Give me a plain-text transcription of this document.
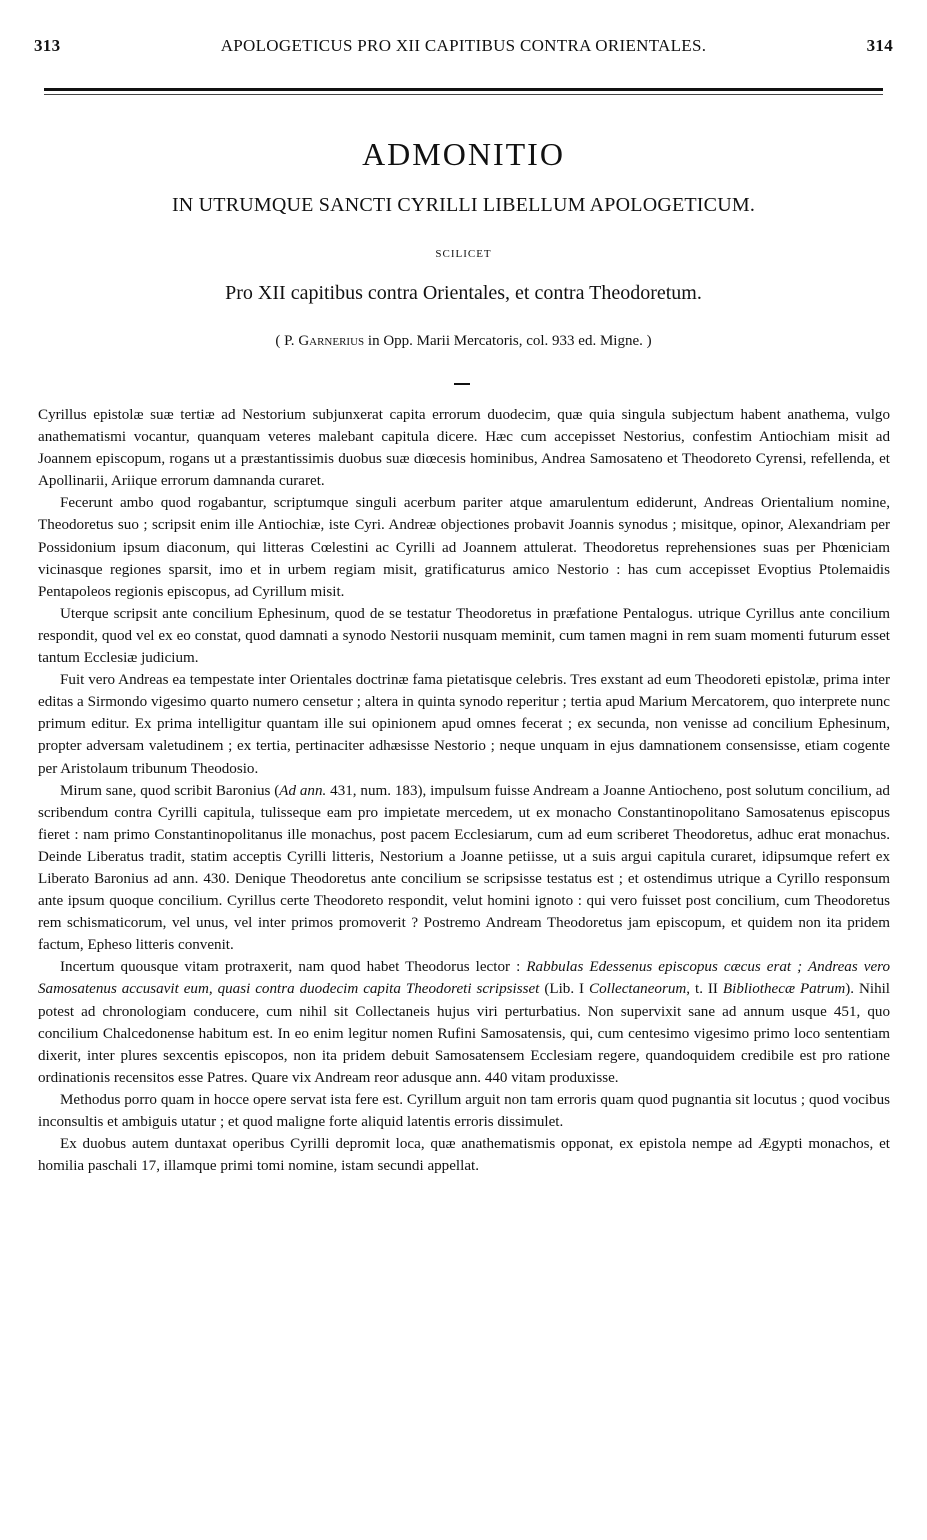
313	APOLOGETICUS PRO XII CAPITIBUS CONTRA ORIENTALES.	314
ADMONITIO
IN UTRUMQUE SANCTI CYRILLI LIBELLUM APOLOGETICUM.
SCILICET
Pro XII capitibus contra Orientales, et contra Theodoretum.
( P. Garnerius in Opp. Marii Mercatoris, col. 933 ed. Migne. )

Cyrillus epistolæ suæ tertiæ ad Nestorium subjunxerat capita errorum duodecim, quæ quia singula subjectum habent anathema, vulgo anathematismi vocantur, quanquam veteres malebant capitula dicere. Hæc cum accepisset Nestorius, confestim Antiochiam misit ad Joannem episcopum, rogans ut a præstantissimis duobus suæ diœcesis hominibus, Andrea Samosateno et Theodoreto Cyrensi, refellenda, et Apollinarii, Ariique errorum damnanda curaret.

Fecerunt ambo quod rogabantur, scriptumque singuli acerbum pariter atque amarulentum ediderunt, Andreas Orientalium nomine, Theodoretus suo ; scripsit enim ille Antiochiæ, iste Cyri. Andreæ objectiones probavit Joannis synodus ; misitque, opinor, Alexandriam per Possidonium ipsum diaconum, qui litteras Cœlestini ac Cyrilli ad Joannem attulerat. Theodoretus reprehensiones suas per Phœniciam vicinasque regiones sparsit, imo et in urbem regiam misit, gratificaturus amico Nestorio : has cum accepisset Evoptius Ptolemaidis Pentapoleos regionis episcopus, ad Cyrillum misit.

Uterque scripsit ante concilium Ephesinum, quod de se testatur Theodoretus in præfatione Pentalogus. utrique Cyrillus ante concilium respondit, quod vel ex eo constat, quod damnati a synodo Nestorii nusquam meminit, cum tamen magni in rem suam momenti futurum esset tantum Ecclesiæ judicium.

Fuit vero Andreas ea tempestate inter Orientales doctrinæ fama pietatisque celebris. Tres exstant ad eum Theodoreti epistolæ, prima inter editas a Sirmondo vigesimo quarto numero censetur ; altera in quinta synodo reperitur ; tertia apud Marium Mercatorem, quo interprete nunc primum editur. Ex prima intelligitur quantam ille sui opinionem apud omnes fecerat ; ex secunda, non venisse ad concilium Ephesinum, propter adversam valetudinem ; ex tertia, pertinaciter adhæsisse Nestorio ; neque unquam in ejus damnationem consensisse, etiam cogente per Aristolaum tribunum Theodosio.

Mirum sane, quod scribit Baronius (Ad ann. 431, num. 183), impulsum fuisse Andream a Joanne Antiocheno, post solutum concilium, ad scribendum contra Cyrilli capitula, tulisseque eam pro impietate mercedem, ut ex monacho Constantinopolitano Samosatenus episcopus fieret : nam primo Constantinopolitanus ille monachus, post pacem Ecclesiarum, cum ad eum scriberet Theodoretus, adhuc erat monachus. Deinde Liberatus tradit, statim acceptis Cyrilli litteris, Nestorium a Joanne petiisse, ut a suis argui capitula curaret, idipsumque refert ex Liberato Baronius ad ann. 430. Denique Theodoretus ante concilium se scripsisse testatus est ; et ostendimus utrique a Cyrillo responsum ante ipsum quoque concilium. Cyrillus certe Theodoreto respondit, velut homini ignoto : qui vero fuisset post concilium, cum Theodoretus rem schismaticorum, vel unus, vel inter primos promoverit ? Postremo Andream Theodoretus jam episcopum, et quidem non ita pridem factum, Epheso litteris convenit.

Incertum quousque vitam protraxerit, nam quod habet Theodorus lector : Rabbulas Edessenus episcopus cæcus erat ; Andreas vero Samosatenus accusavit eum, quasi contra duodecim capita Theodoreti scripsisset (Lib. I Collectaneorum, t. II Bibliothecæ Patrum). Nihil potest ad chronologiam conducere, cum nihil sit Collectaneis hujus viri perturbatius. Non supervixit sane ad annum usque 451, quo concilium Chalcedonense habitum est. In eo enim legitur nomen Rufini Samosatensis, qui, cum centesimo vigesimo primo loco sententiam dixerit, inter plures sexcentis episcopos, non ita pridem debuit Samosatensem Ecclesiam regere, quandoquidem credibile est pro ratione ordinationis recensitos esse Patres. Quare vix Andream reor adusque ann. 440 vitam produxisse.

Methodus porro quam in hocce opere servat ista fere est. Cyrillum arguit non tam erroris quam quod pugnantia sit locutus ; quod vocibus inconsultis et ambiguis utatur ; et quod maligne forte aliquid latentis erroris dissimulet.

Ex duobus autem duntaxat operibus Cyrilli depromit loca, quæ anathematismis opponat, ex epistola nempe ad Ægypti monachos, et homilia paschali 17, illamque primi tomi nomine, istam secundi appellat.
